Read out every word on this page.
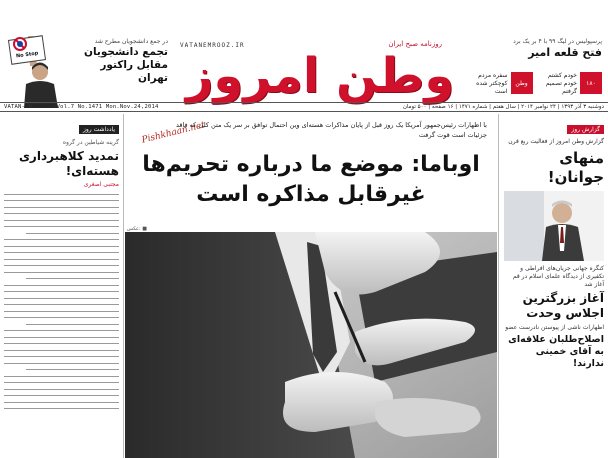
No Stop
در جمع دانشجویان مطرح شد
تجمع دانشجویان
مقابل راکتور تهران
VATANEMROOZ.IR	روزنامه صبح ایران
وطن امروز
پرسپولیس در لیگ ۹۹ با ۴ بر یک برد
فتح قلعه امیر
۱۸۰
خودم کشتم خودم تصمیم گرفتم
وطن
سفره مردم کوچکتر شده است
VATAN-E EMROOZ Vol.7 No.1471 Mon.Nov.24,2014	دوشنبه ۳ آذر ۱۳۹۳ | ۲۴ نوامبر ۲۰۱۴ | سال هفتم | شماره ۱۴۷۱ | ۱۶ صفحه | ۵۰۰ تومان
یادداشت روز
گرینه شیاطین در گروه
تمدید کلاهبرداری هسته‌ای!
مجتبی اصغری
Pishkhaan.net
با اظهارات رئیس‌جمهور آمریکا یک روز قبل از پایان مذاکرات هسته‌ای وین احتمال توافق بر سر یک متن کلی که فاقد جزئیات است قوت گرفت
اوباما: موضع ما درباره تحریم‌ها
غیرقابل مذاکره است
عکس: ■
گزارش روز
گزارش وطن امروز از فعالیت ربع قرن
منهای جوانان!
کنگره جهانی جریان‌های افراطی و تکفیری از دیدگاه علمای اسلام در قم آغاز شد
آغاز بزرگترین اجلاس وحدت
اظهارات ناشی از پیوستن نادرست عضو
اصلاح‌طلبان علاقه‌ای به آقای خمینی ندارند!
